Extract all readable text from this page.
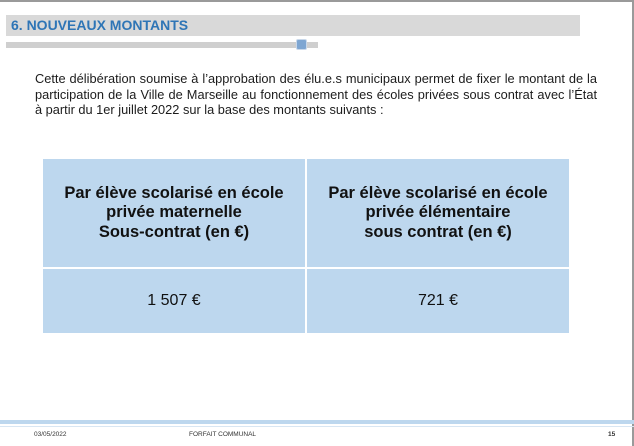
6. NOUVEAUX MONTANTS

Cette délibération soumise à l’approbation des élu.e.s municipaux permet de fixer le montant de la participation de la Ville de Marseille au fonctionnement des écoles privées sous contrat avec l’État à partir du 1er juillet 2022 sur la base des montants suivants :

Par élève scolarisé en école
privée maternelle
Sous-contrat (en €)	Par élève scolarisé en école
privée élémentaire
sous contrat (en €)
1 507 €	721 €
03/05/2022	FORFAIT COMMUNAL	15
